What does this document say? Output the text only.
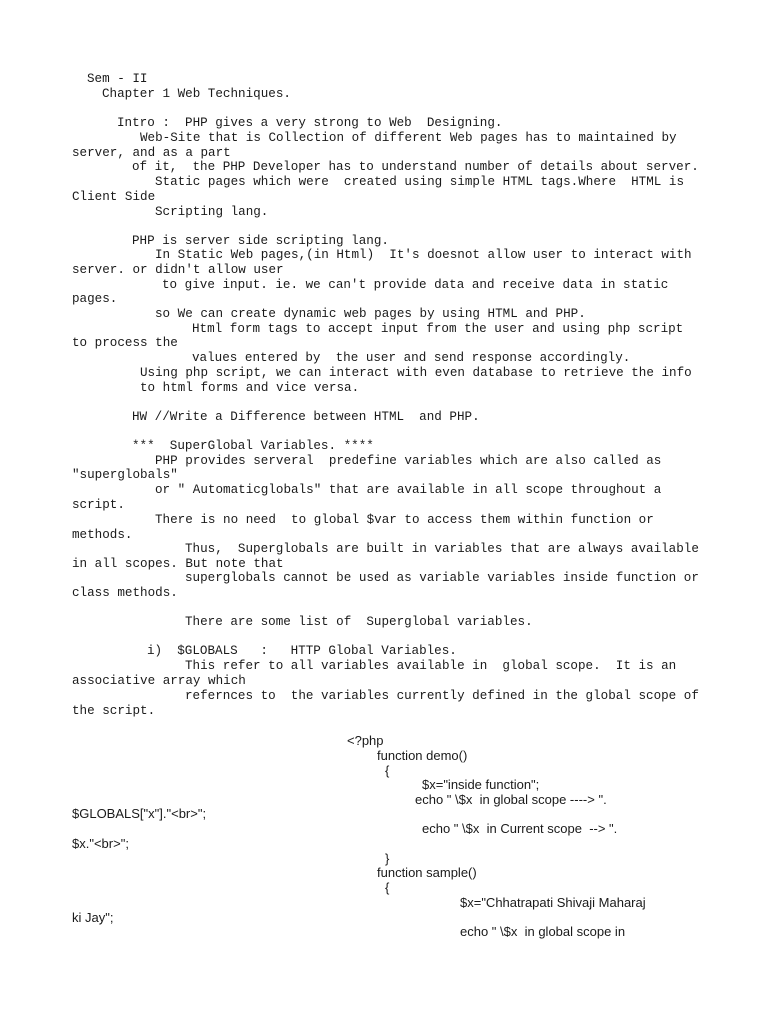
Sem - II

Chapter 1 Web Techniques.

Intro :  PHP gives a very strong to Web  Designing.

Web-Site that is Collection of different Web pages has to maintained by

server, and as a part

of it,  the PHP Developer has to understand number of details about server.

Static pages which were  created using simple HTML tags.Where  HTML is

Client Side

Scripting lang.

PHP is server side scripting lang.

In Static Web pages,(in Html)  It's doesnot allow user to interact with

server. or didn't allow user

to give input. ie. we can't provide data and receive data in static

pages.

so We can create dynamic web pages by using HTML and PHP.

Html form tags to accept input from the user and using php script

to process the

values entered by  the user and send response accordingly.

Using php script, we can interact with even database to retrieve the info

to html forms and vice versa.

HW //Write a Difference between HTML  and PHP.

***  SuperGlobal Variables. ****

PHP provides serveral  predefine variables which are also called as

"superglobals"

or " Automaticglobals" that are available in all scope throughout a

script.

There is no need  to global $var to access them within function or

methods.

Thus,  Superglobals are built in variables that are always available

in all scopes. But note that

superglobals cannot be used as variable variables inside function or

class methods.

There are some list of  Superglobal variables.

i)  $GLOBALS   :   HTTP Global Variables.

This refer to all variables available in  global scope.  It is an

associative array which

refernces to  the variables currently defined in the global scope of

the script.

<?php

function demo()

{

$x="inside function";

echo " \$x  in global scope ----> ".

$GLOBALS["x"]."<br>";

echo " \$x  in Current scope  --> ".

$x."<br>";

}

function sample()

{

$x="Chhatrapati Shivaji Maharaj

ki Jay";

echo " \$x  in global scope in
